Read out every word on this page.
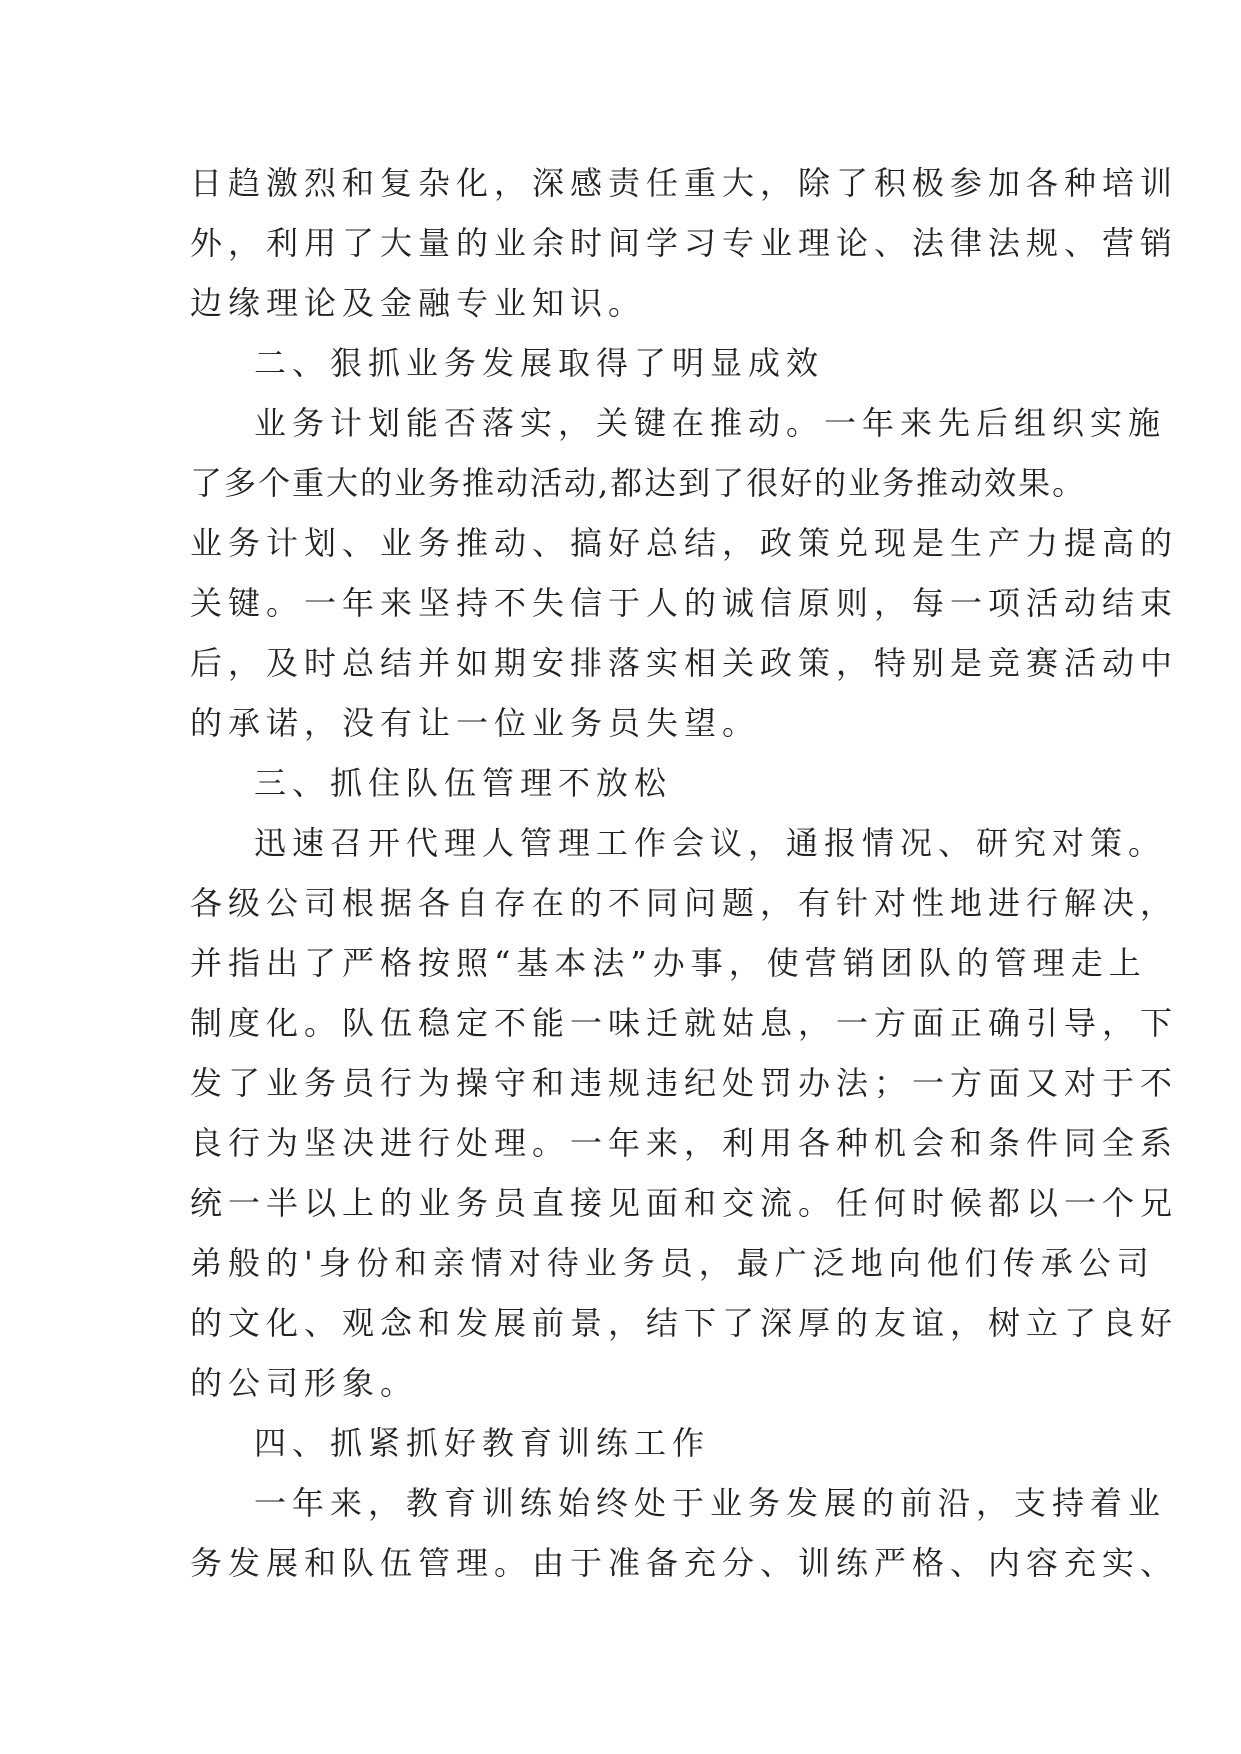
日趋激烈和复杂化，深感责任重大，除了积极参加各种培训
外，利用了大量的业余时间学习专业理论、法律法规、营销
边缘理论及金融专业知识。
二、狠抓业务发展取得了明显成效
业务计划能否落实，关键在推动。一年来先后组织实施
了多个重大的业务推动活动,都达到了很好的业务推动效果。
业务计划、业务推动、搞好总结，政策兑现是生产力提高的
关键。一年来坚持不失信于人的诚信原则，每一项活动结束
后，及时总结并如期安排落实相关政策，特别是竞赛活动中
的承诺，没有让一位业务员失望。
三、抓住队伍管理不放松
迅速召开代理人管理工作会议，通报情况、研究对策。
各级公司根据各自存在的不同问题，有针对性地进行解决，
并指出了严格按照“基本法”办事，使营销团队的管理走上
制度化。队伍稳定不能一味迁就姑息，一方面正确引导，下
发了业务员行为操守和违规违纪处罚办法；一方面又对于不
良行为坚决进行处理。一年来，利用各种机会和条件同全系
统一半以上的业务员直接见面和交流。任何时候都以一个兄
弟般的'身份和亲情对待业务员，最广泛地向他们传承公司
的文化、观念和发展前景，结下了深厚的友谊，树立了良好
的公司形象。
四、抓紧抓好教育训练工作
一年来，教育训练始终处于业务发展的前沿，支持着业
务发展和队伍管理。由于准备充分、训练严格、内容充实、
